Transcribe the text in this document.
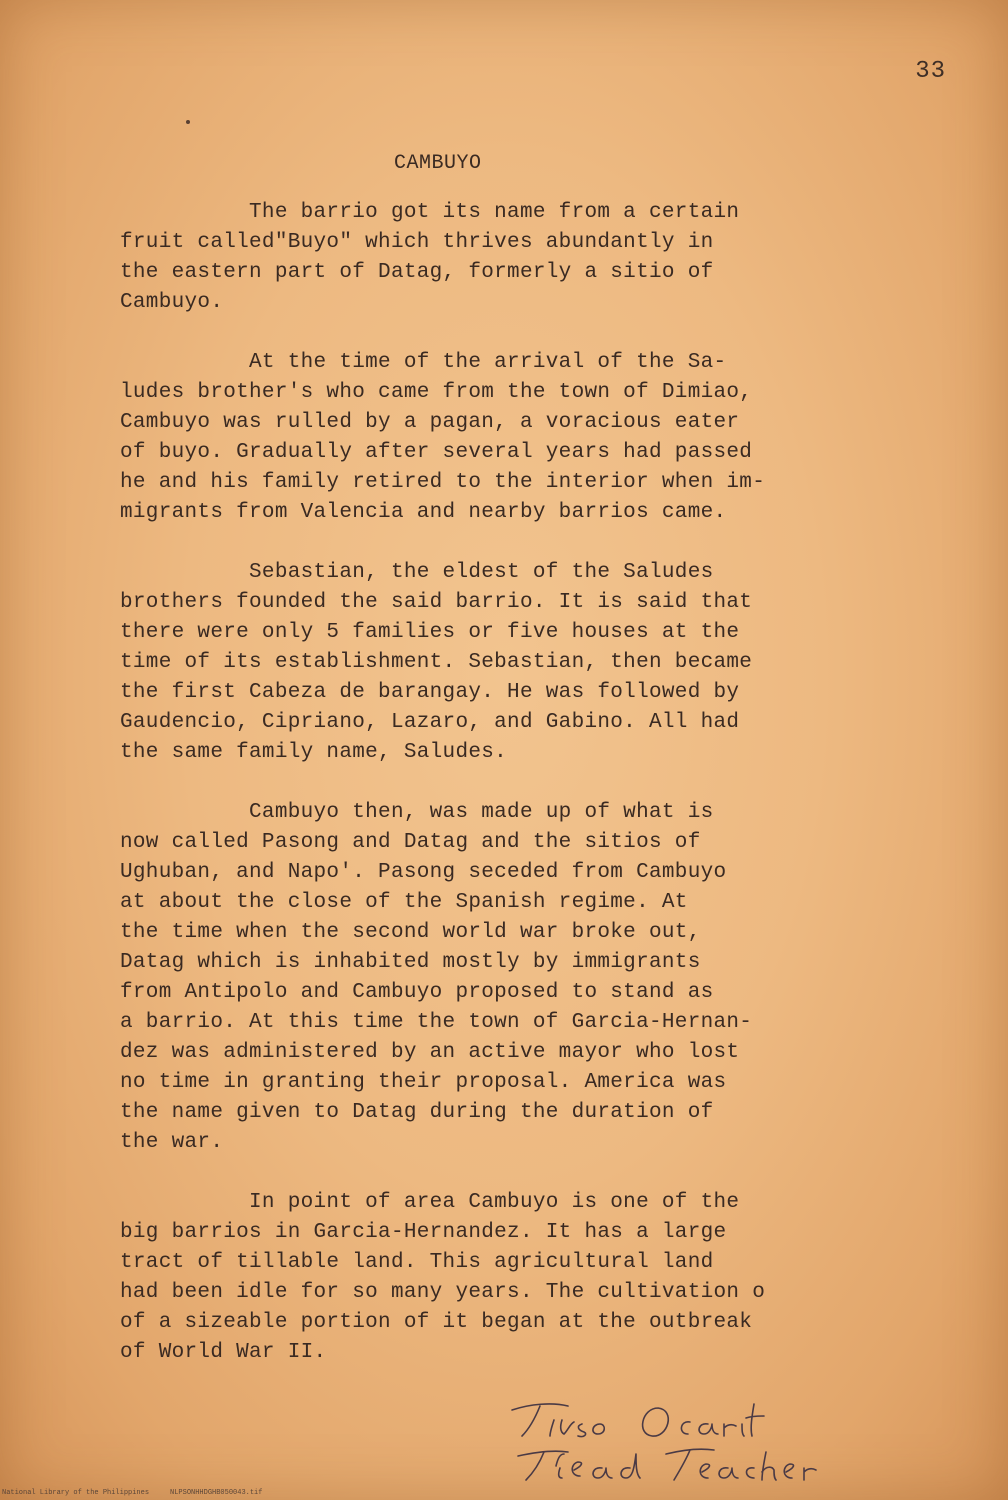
33
CAMBUYO
The barrio got its name from a certain
fruit called"Buyo" which thrives abundantly in
the eastern part of Datag, formerly a sitio of
Cambuyo.
At the time of the arrival of the Sa-
ludes brother's who came from the town of Dimiao,
Cambuyo was rulled by a pagan, a voracious eater
of buyo. Gradually after several years had passed
he and his family retired to the interior when im-
migrants from Valencia and nearby barrios came.
Sebastian, the eldest of the Saludes
brothers founded the said barrio. It is said that
there were only 5 families or five houses at the
time of its establishment. Sebastian, then became
the first Cabeza de barangay. He was followed by
Gaudencio, Cipriano, Lazaro, and Gabino. All had
the same family name, Saludes.
Cambuyo then, was made up of what is
now called Pasong and Datag and the sitios of
Ughuban, and Napo'. Pasong seceded from Cambuyo
at about the close of the Spanish regime. At
the time when the second world war broke out,
Datag which is inhabited mostly by immigrants
from Antipolo and Cambuyo proposed to stand as
a barrio. At this time the town of Garcia-Hernan-
dez was administered by an active mayor who lost
no time in granting their proposal. America was
the name given to Datag during the duration of
the war.
In point of area Cambuyo is one of the
big barrios in Garcia-Hernandez. It has a large
tract of tillable land. This agricultural land
had been idle for so many years. The cultivation o
of a sizeable portion of it began at the outbreak
of World War II.
National Library of the Philippines     NLPSONHHDGHB050043.tif
